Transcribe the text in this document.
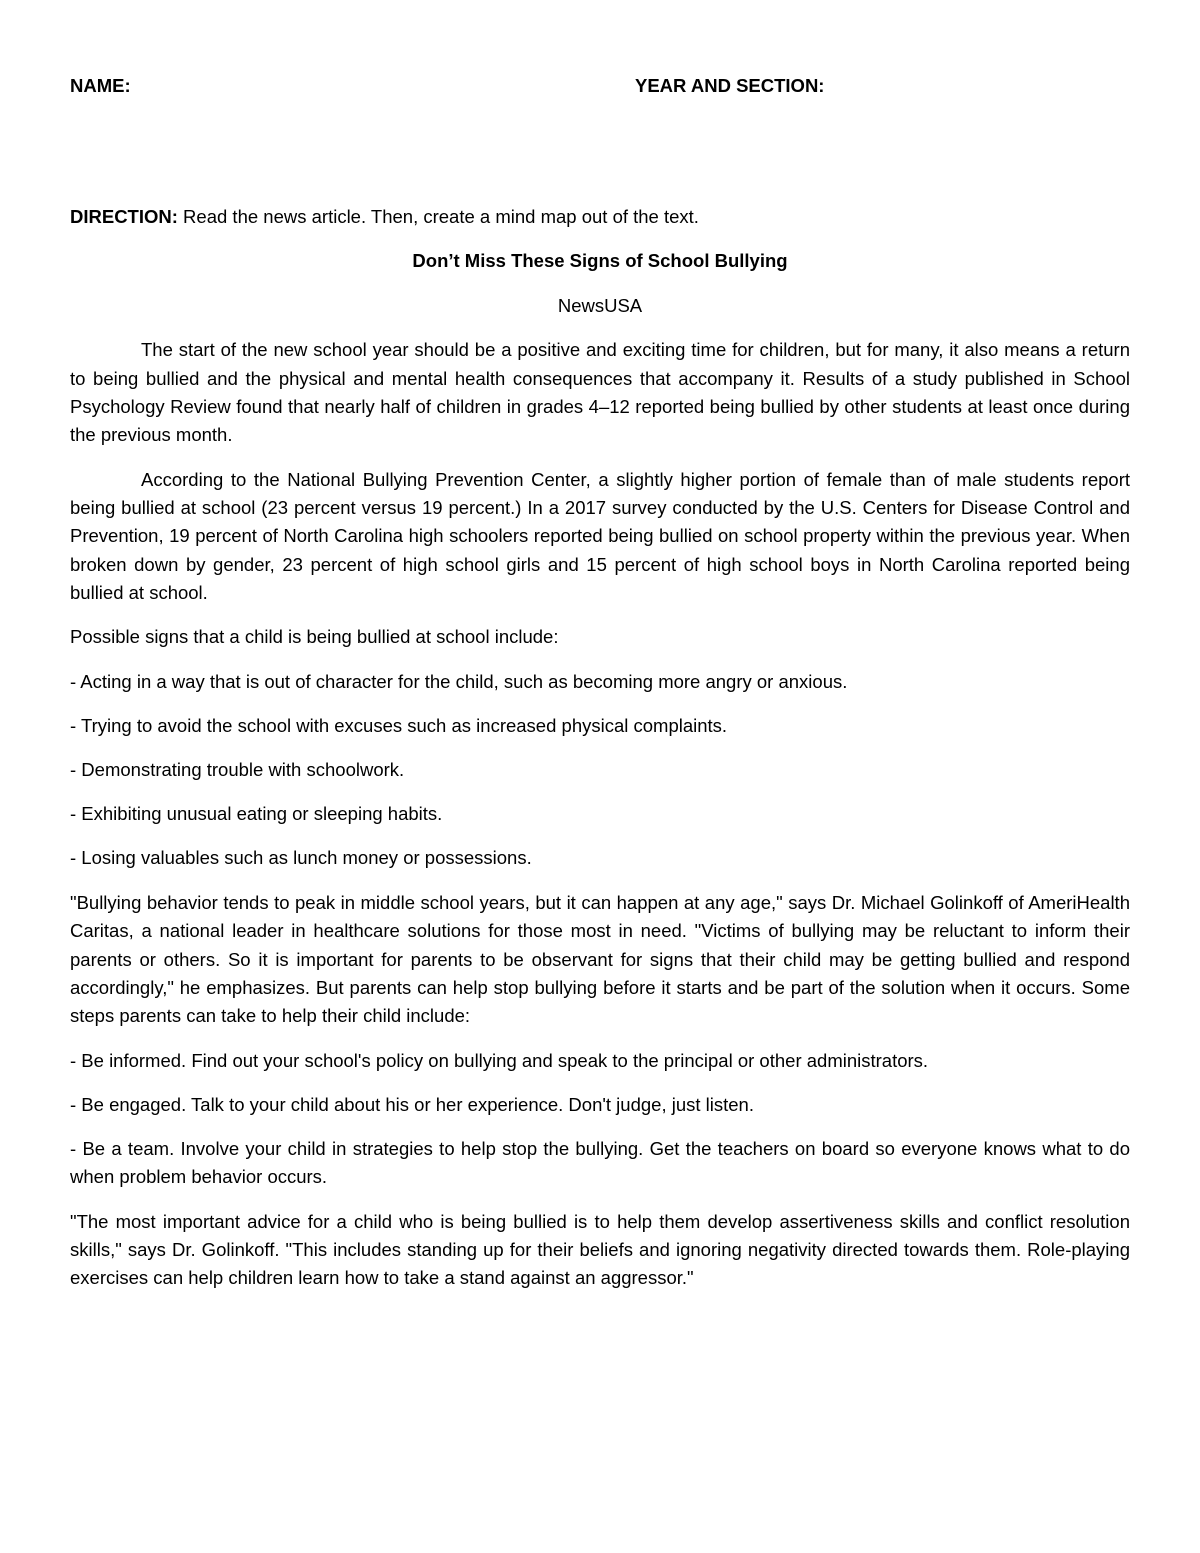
NAME:	YEAR AND SECTION:

DIRECTION: Read the news article. Then, create a mind map out of the text.

Don’t Miss These Signs of School Bullying

NewsUSA

The start of the new school year should be a positive and exciting time for children, but for many, it also means a return to being bullied and the physical and mental health consequences that accompany it. Results of a study published in School Psychology Review found that nearly half of children in grades 4–12 reported being bullied by other students at least once during the previous month.

According to the National Bullying Prevention Center, a slightly higher portion of female than of male students report being bullied at school (23 percent versus 19 percent.) In a 2017 survey conducted by the U.S. Centers for Disease Control and Prevention, 19 percent of North Carolina high schoolers reported being bullied on school property within the previous year. When broken down by gender, 23 percent of high school girls and 15 percent of high school boys in North Carolina reported being bullied at school.

Possible signs that a child is being bullied at school include:

- Acting in a way that is out of character for the child, such as becoming more angry or anxious.

- Trying to avoid the school with excuses such as increased physical complaints.

- Demonstrating trouble with schoolwork.

- Exhibiting unusual eating or sleeping habits.

- Losing valuables such as lunch money or possessions.

"Bullying behavior tends to peak in middle school years, but it can happen at any age," says Dr. Michael Golinkoff of AmeriHealth Caritas, a national leader in healthcare solutions for those most in need. "Victims of bullying may be reluctant to inform their parents or others. So it is important for parents to be observant for signs that their child may be getting bullied and respond accordingly," he emphasizes. But parents can help stop bullying before it starts and be part of the solution when it occurs. Some steps parents can take to help their child include:

- Be informed. Find out your school's policy on bullying and speak to the principal or other administrators.

- Be engaged. Talk to your child about his or her experience. Don't judge, just listen.

- Be a team. Involve your child in strategies to help stop the bullying. Get the teachers on board so everyone knows what to do when problem behavior occurs.

"The most important advice for a child who is being bullied is to help them develop assertiveness skills and conflict resolution skills," says Dr. Golinkoff. "This includes standing up for their beliefs and ignoring negativity directed towards them. Role-playing exercises can help children learn how to take a stand against an aggressor."
